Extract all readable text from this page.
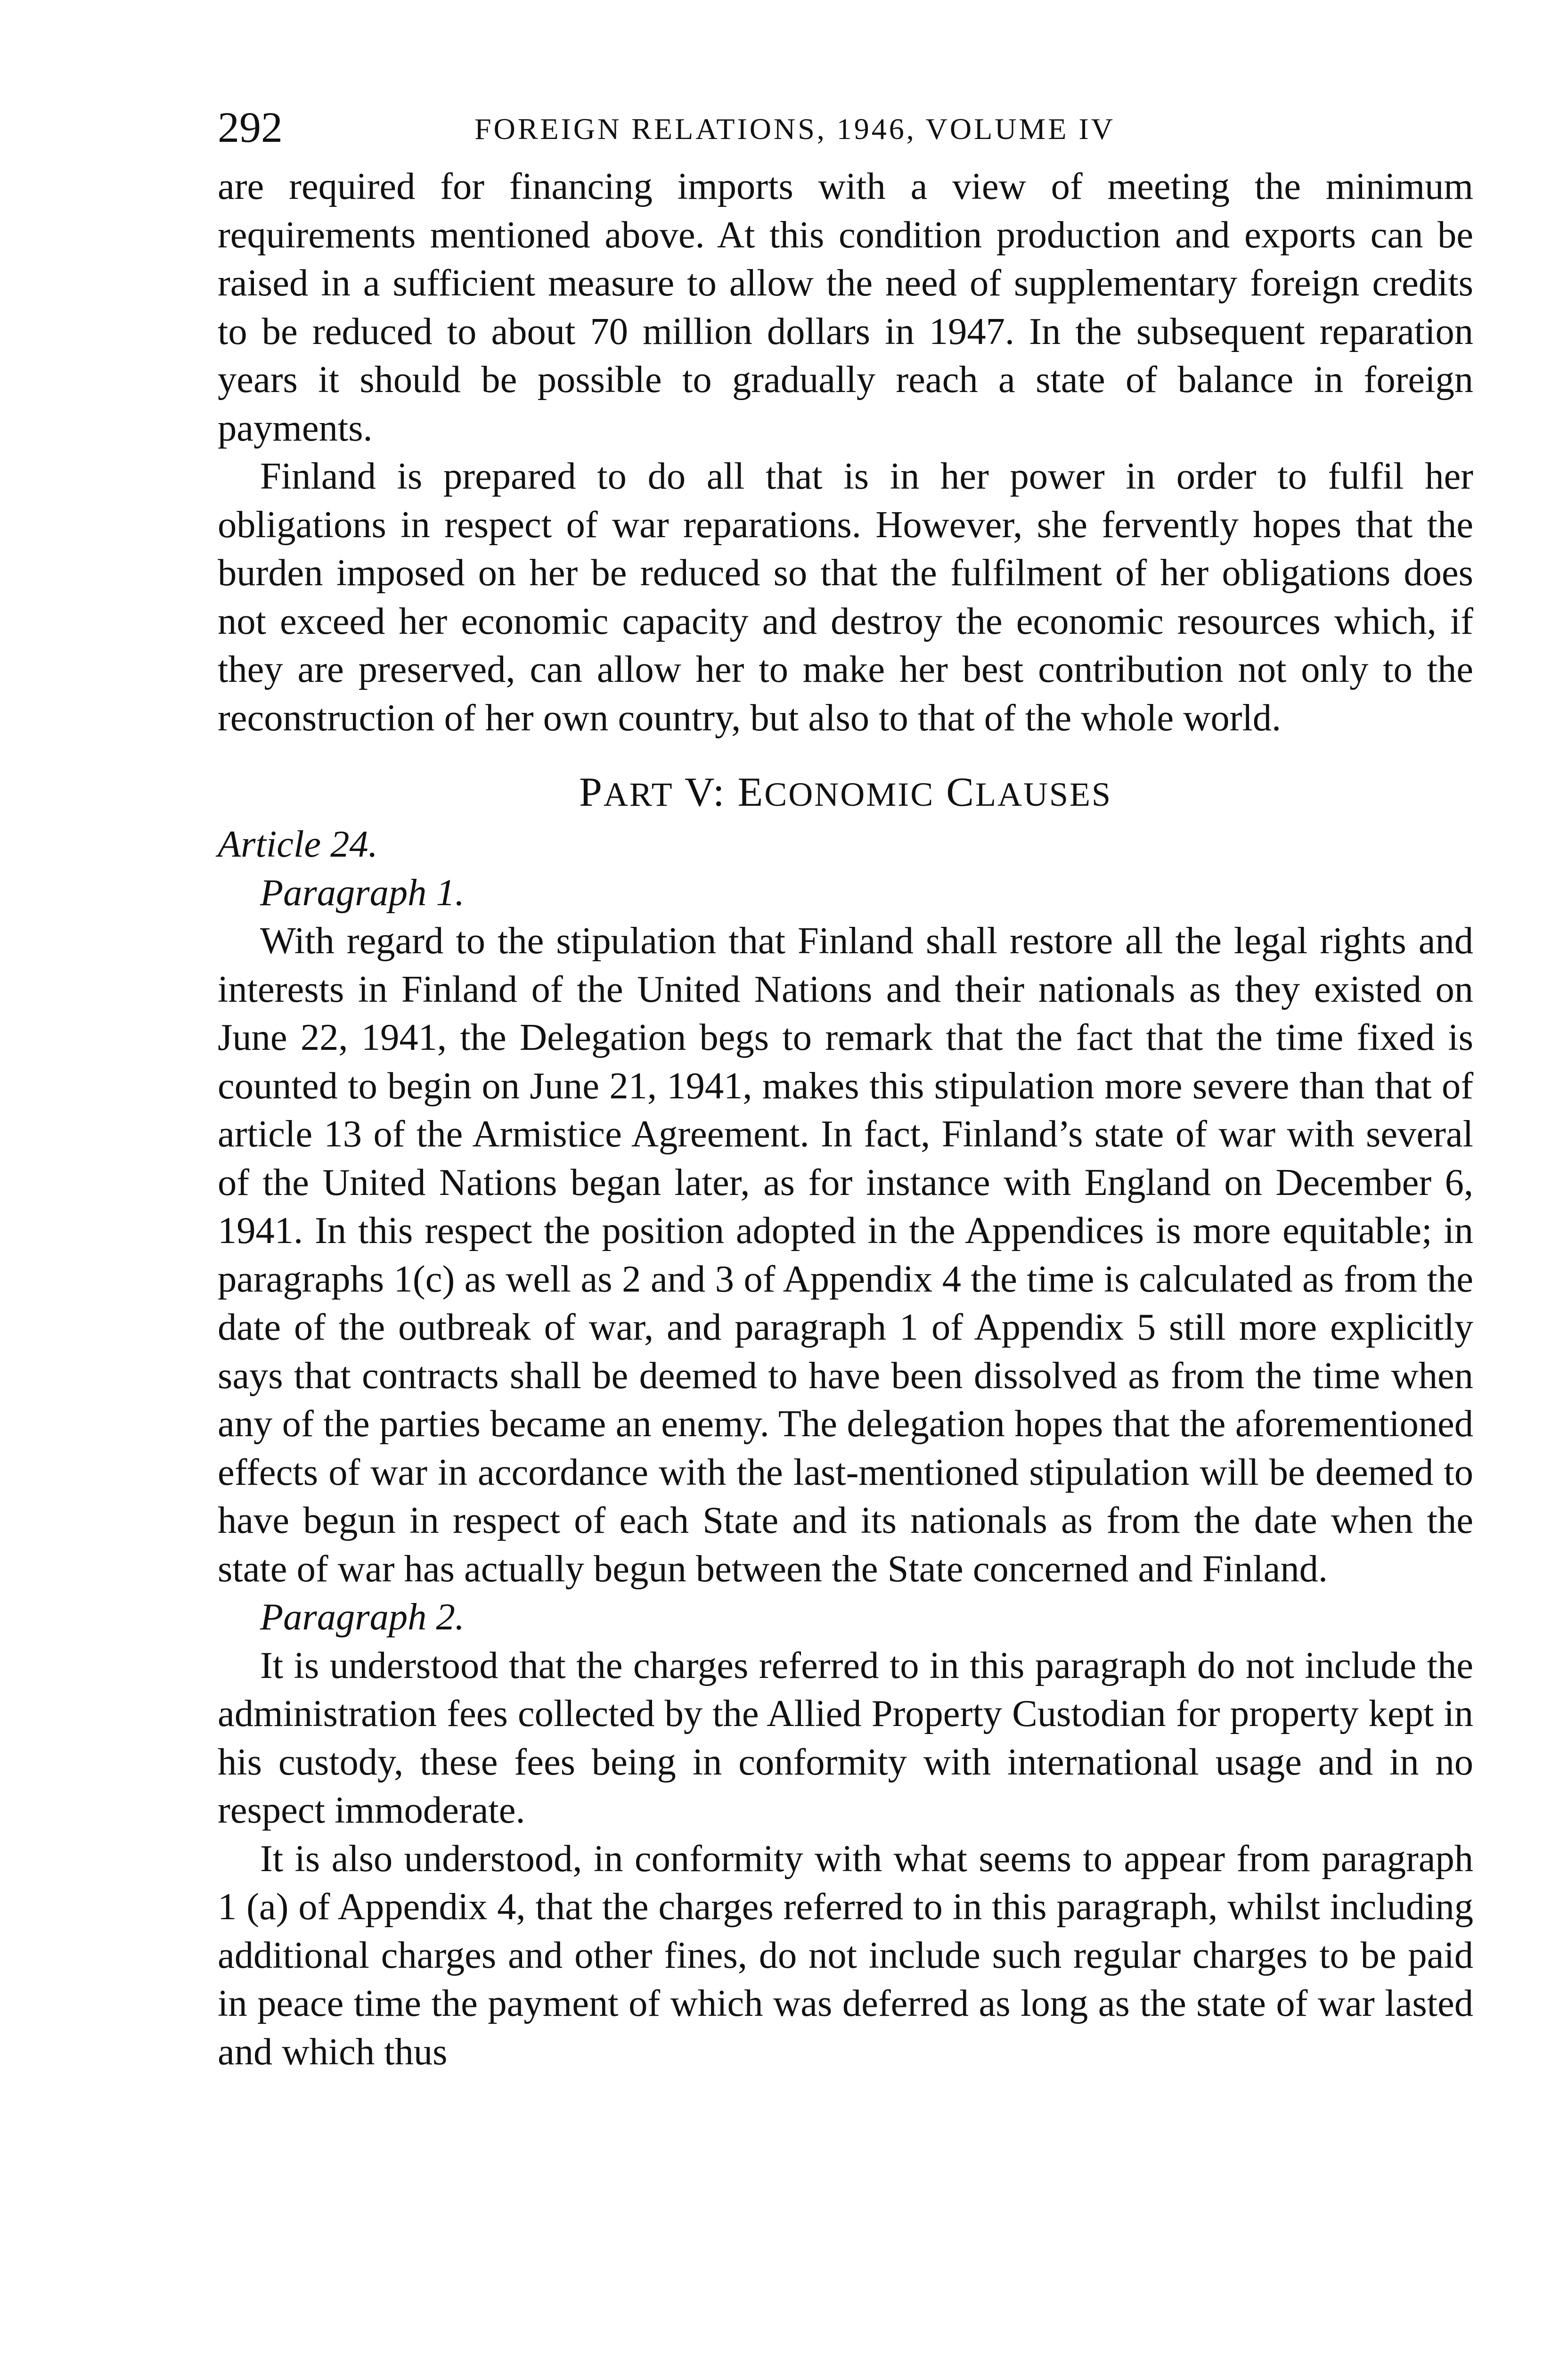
292	FOREIGN RELATIONS, 1946, VOLUME IV

are required for financing imports with a view of meeting the minimum requirements mentioned above. At this condition production and exports can be raised in a sufficient measure to allow the need of supplementary foreign credits to be reduced to about 70 million dollars in 1947. In the subsequent reparation years it should be possible to gradually reach a state of balance in foreign payments.

Finland is prepared to do all that is in her power in order to fulfil her obligations in respect of war reparations. However, she fervently hopes that the burden imposed on her be reduced so that the fulfilment of her obligations does not exceed her economic capacity and destroy the economic resources which, if they are preserved, can allow her to make her best contribution not only to the reconstruction of her own country, but also to that of the whole world.

PART V: ECONOMIC CLAUSES
Article 24.
Paragraph 1.

With regard to the stipulation that Finland shall restore all the legal rights and interests in Finland of the United Nations and their nationals as they existed on June 22, 1941, the Delegation begs to remark that the fact that the time fixed is counted to begin on June 21, 1941, makes this stipulation more severe than that of article 13 of the Armistice Agreement. In fact, Finland’s state of war with several of the United Nations began later, as for instance with England on December 6, 1941. In this respect the position adopted in the Appendices is more equitable; in paragraphs 1(c) as well as 2 and 3 of Appendix 4 the time is calculated as from the date of the outbreak of war, and paragraph 1 of Appendix 5 still more explicitly says that contracts shall be deemed to have been dissolved as from the time when any of the parties became an enemy. The delegation hopes that the aforementioned effects of war in accordance with the last-mentioned stipulation will be deemed to have begun in respect of each State and its nationals as from the date when the state of war has actually begun between the State concerned and Finland.

Paragraph 2.

It is understood that the charges referred to in this paragraph do not include the administration fees collected by the Allied Property Custodian for property kept in his custody, these fees being in conformity with international usage and in no respect immoderate.

It is also understood, in conformity with what seems to appear from paragraph 1 (a) of Appendix 4, that the charges referred to in this paragraph, whilst including additional charges and other fines, do not include such regular charges to be paid in peace time the payment of which was deferred as long as the state of war lasted and which thus
